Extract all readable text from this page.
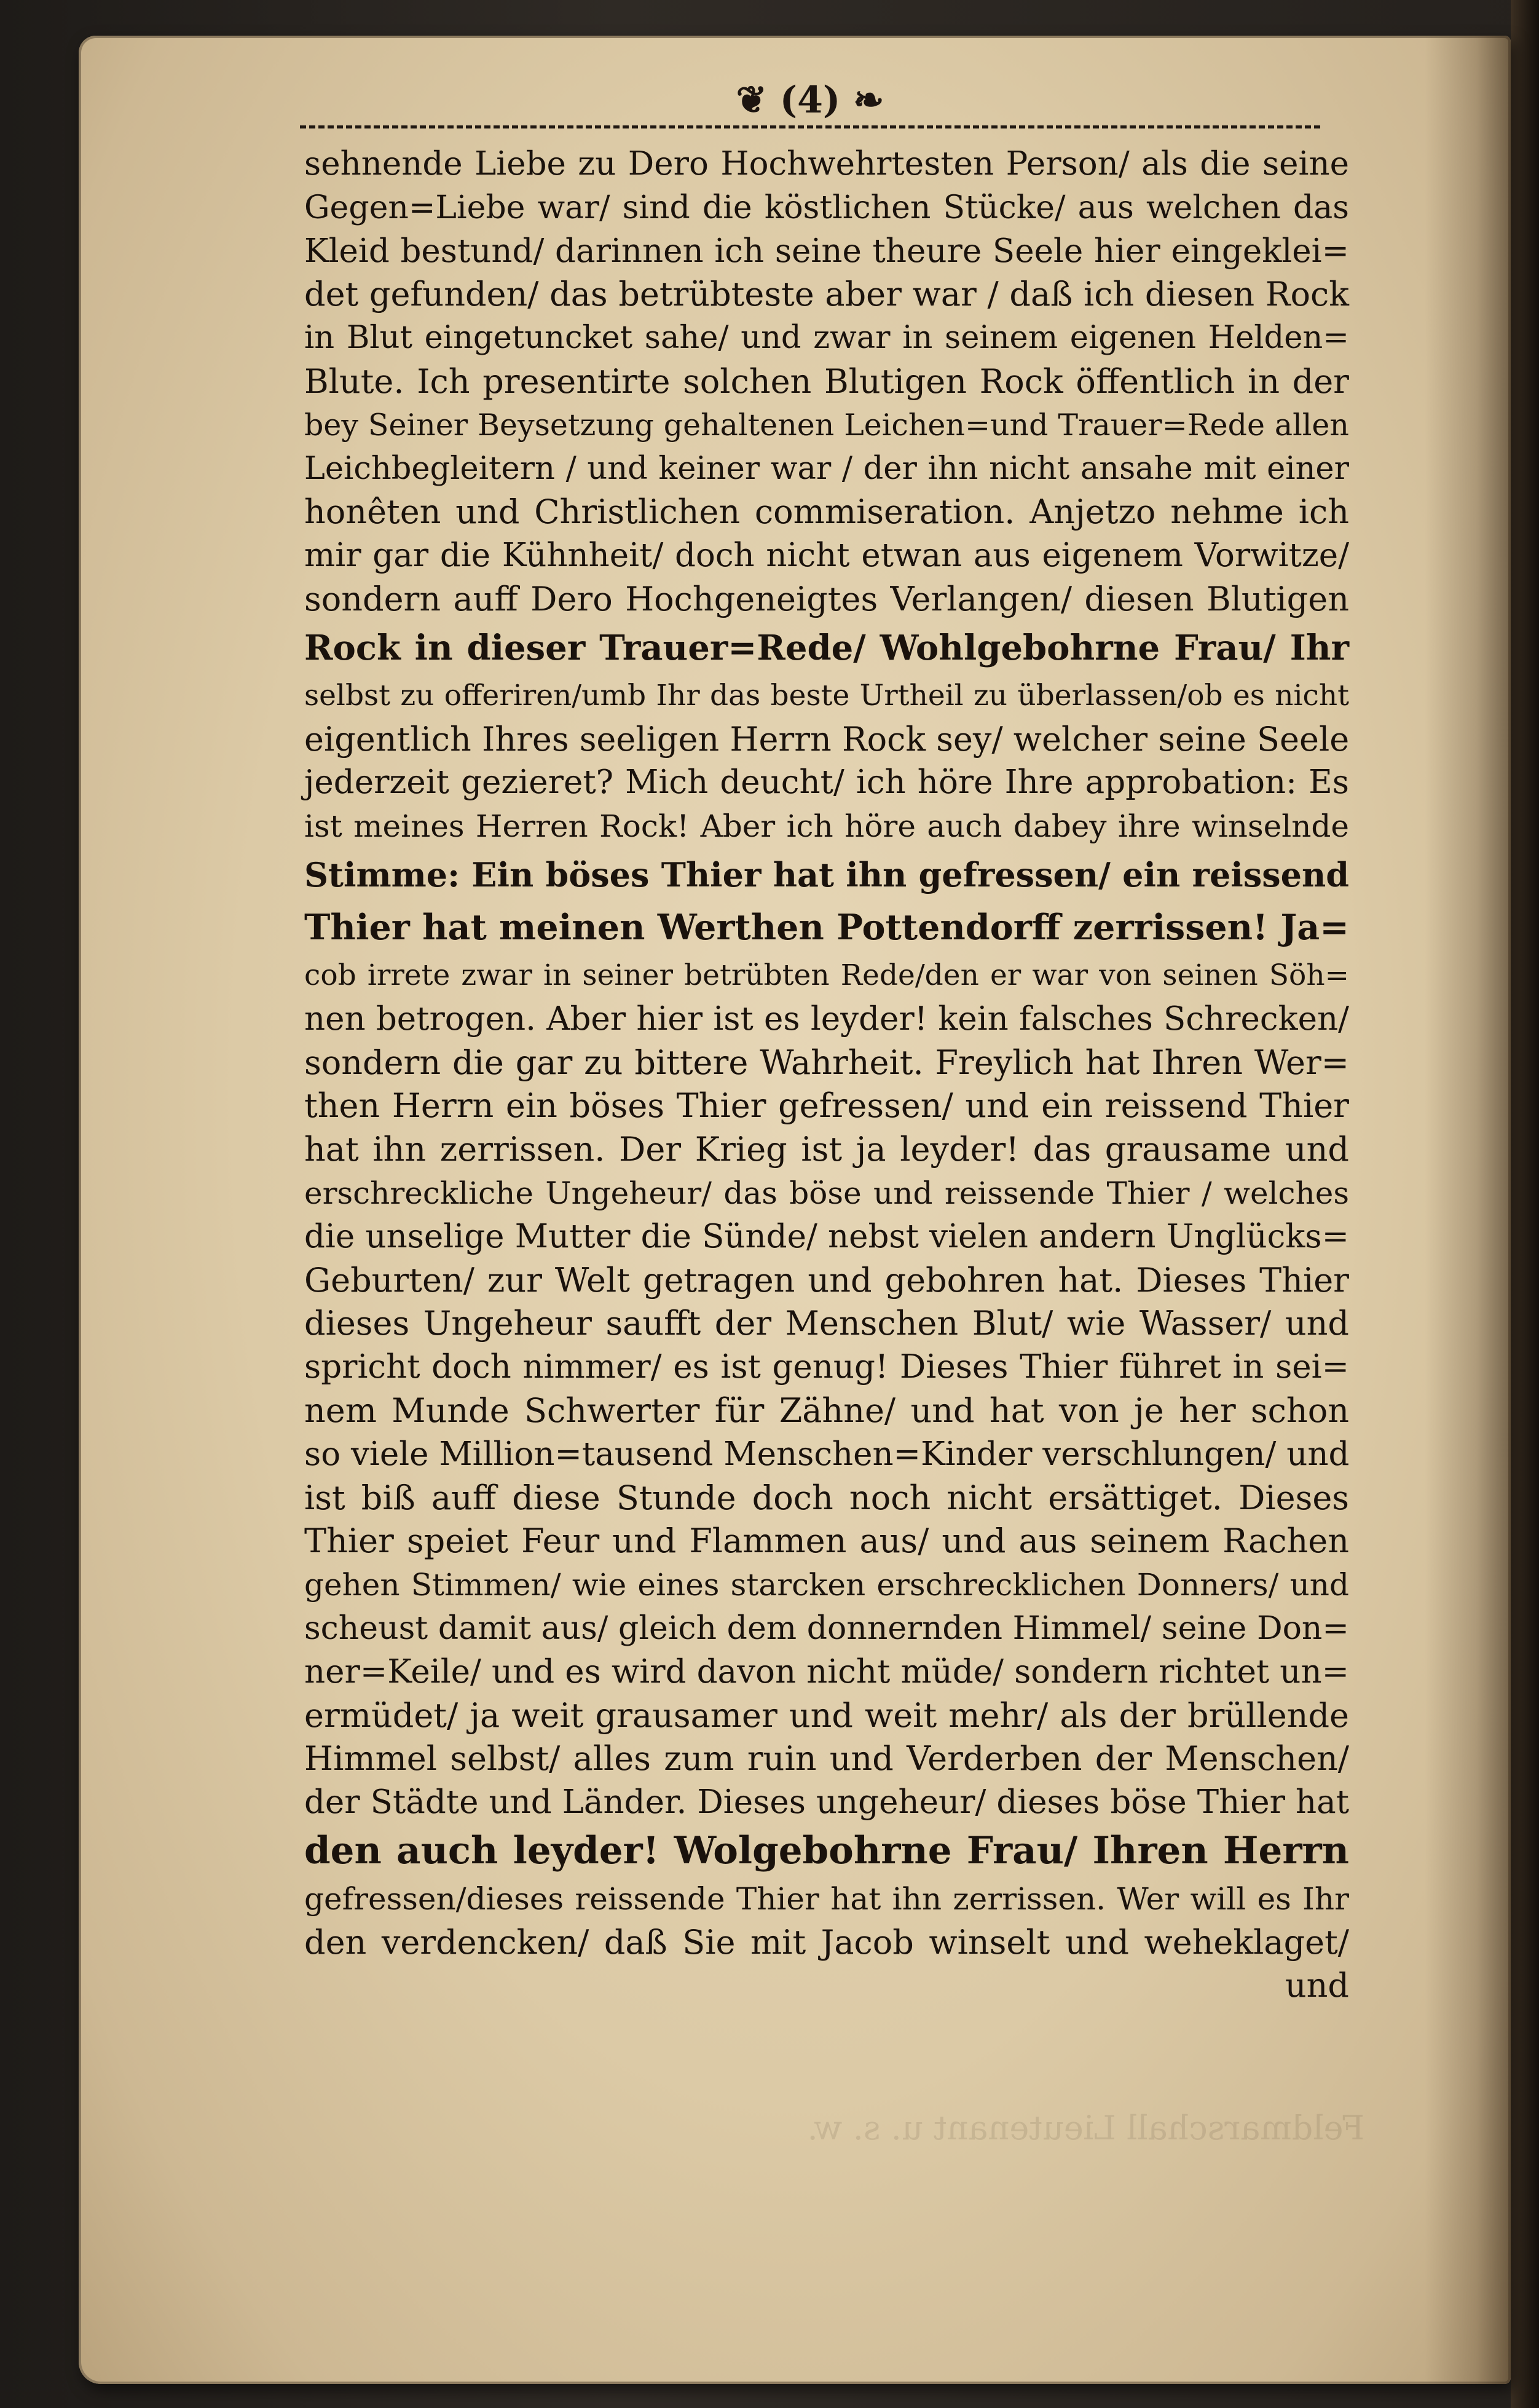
❦ (4) ❧
Feldmarschall Lieutenant u. s. w.
sehnende Liebe zu Dero Hochwehrtesten Person/ als die seine
Gegen=Liebe war/ sind die köstlichen Stücke/ aus welchen das
Kleid bestund/ darinnen ich seine theure Seele hier eingeklei=
det gefunden/ das betrübteste aber war / daß ich diesen Rock
in Blut eingetuncket sahe/ und zwar in seinem eigenen Helden=
Blute. Ich presentirte solchen Blutigen Rock öffentlich in der
bey Seiner Beysetzung gehaltenen Leichen=und Trauer=Rede allen
Leichbegleitern / und keiner war / der ihn nicht ansahe mit einer
honêten und Christlichen commiseration. Anjetzo nehme ich
mir gar die Kühnheit/ doch nicht etwan aus eigenem Vorwitze/
sondern auff Dero Hochgeneigtes Verlangen/ diesen Blutigen
Rock in dieser Trauer=Rede/ Wohlgebohrne Frau/ Ihr
selbst zu offeriren/umb Ihr das beste Urtheil zu überlassen/ob es nicht
eigentlich Ihres seeligen Herrn Rock sey/ welcher seine Seele
jederzeit gezieret? Mich deucht/ ich höre Ihre approbation: Es
ist meines Herren Rock! Aber ich höre auch dabey ihre winselnde
Stimme: Ein böses Thier hat ihn gefressen/ ein reissend
Thier hat meinen Werthen Pottendorff zerrissen! Ja=
cob irrete zwar in seiner betrübten Rede/den er war von seinen Söh=
nen betrogen. Aber hier ist es leyder! kein falsches Schrecken/
sondern die gar zu bittere Wahrheit. Freylich hat Ihren Wer=
then Herrn ein böses Thier gefressen/ und ein reissend Thier
hat ihn zerrissen. Der Krieg ist ja leyder! das grausame und
erschreckliche Ungeheur/ das böse und reissende Thier / welches
die unselige Mutter die Sünde/ nebst vielen andern Unglücks=
Geburten/ zur Welt getragen und gebohren hat. Dieses Thier
dieses Ungeheur saufft der Menschen Blut/ wie Wasser/ und
spricht doch nimmer/ es ist genug! Dieses Thier führet in sei=
nem Munde Schwerter für Zähne/ und hat von je her schon
so viele Million=tausend Menschen=Kinder verschlungen/ und
ist biß auff diese Stunde doch noch nicht ersättiget. Dieses
Thier speiet Feur und Flammen aus/ und aus seinem Rachen
gehen Stimmen/ wie eines starcken erschrecklichen Donners/ und
scheust damit aus/ gleich dem donnernden Himmel/ seine Don=
ner=Keile/ und es wird davon nicht müde/ sondern richtet un=
ermüdet/ ja weit grausamer und weit mehr/ als der brüllende
Himmel selbst/ alles zum ruin und Verderben der Menschen/
der Städte und Länder. Dieses ungeheur/ dieses böse Thier hat
den auch leyder! Wolgebohrne Frau/ Ihren Herrn
gefressen/dieses reissende Thier hat ihn zerrissen. Wer will es Ihr
den verdencken/ daß Sie mit Jacob winselt und weheklaget/
und
